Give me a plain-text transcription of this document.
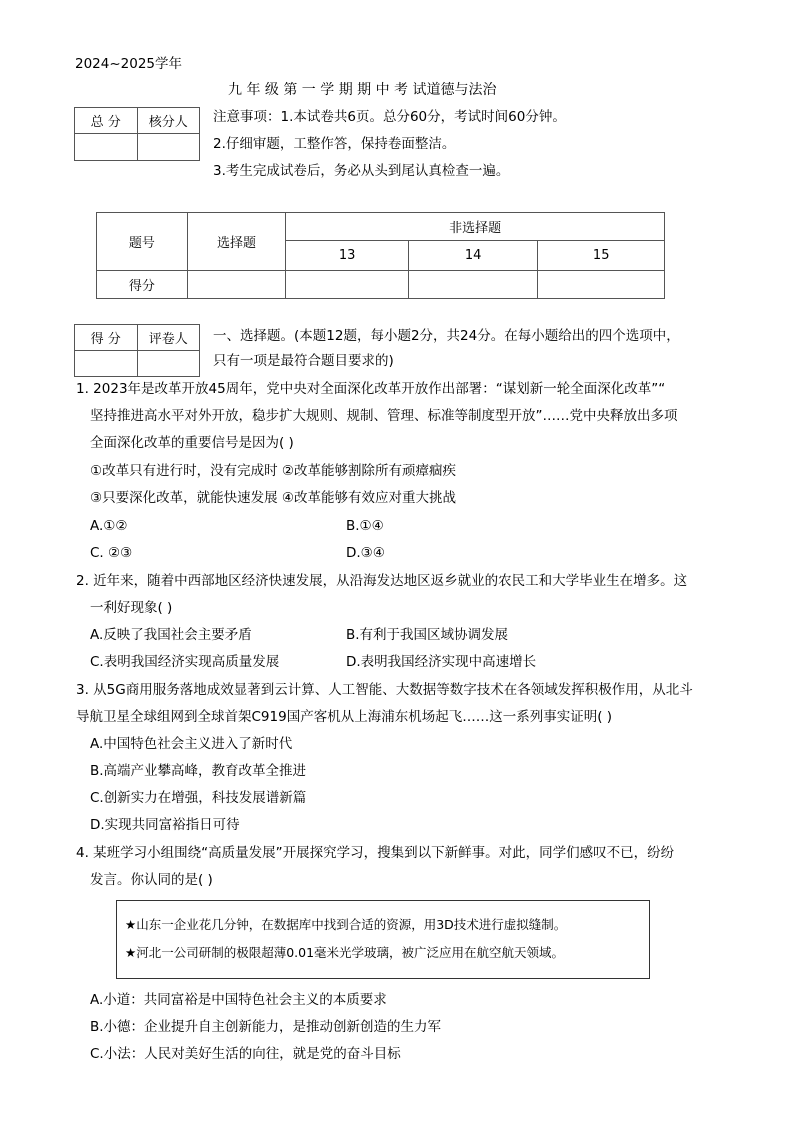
2024~2025学年
九 年 级 第 一 学 期 期 中 考 试道德与法治
总 分	核分人
	注意事项：1.本试卷共6页。总分60分，考试时间60分钟。
2.仔细审题，工整作答，保持卷面整洁。
3.考生完成试卷后，务必从头到尾认真检查一遍。
题号	选择题	非选择题		
		13	14	15
得分				
得 分	评卷人
	一、选择题。(本题12题，每小题2分，共24分。在每小题给出的四个选项中，
只有一项是最符合题目要求的)
1. 2023年是改革开放45周年，党中央对全面深化改革开放作出部署：“谋划新一轮全面深化改革”“
坚持推进高水平对外开放，稳步扩大规则、规制、管理、标准等制度型开放”……党中央释放出多项
全面深化改革的重要信号是因为( )
①改革只有进行时，没有完成时 ②改革能够割除所有顽瘴痼疾
③只要深化改革，就能快速发展 ④改革能够有效应对重大挑战
A.①②	B.①④
C. ②③	D.③④
2. 近年来，随着中西部地区经济快速发展，从沿海发达地区返乡就业的农民工和大学毕业生在增多。这
一利好现象( )
A.反映了我国社会主要矛盾	B.有利于我国区域协调发展
C.表明我国经济实现高质量发展	D.表明我国经济实现中高速增长
3. 从5G商用服务落地成效显著到云计算、人工智能、大数据等数字技术在各领域发挥积极作用，从北斗
导航卫星全球组网到全球首架C919国产客机从上海浦东机场起飞……这一系列事实证明( )
A.中国特色社会主义进入了新时代
B.高端产业攀高峰，教育改革全推进
C.创新实力在增强，科技发展谱新篇
D.实现共同富裕指日可待
4. 某班学习小组围绕“高质量发展”开展探究学习，搜集到以下新鲜事。对此，同学们感叹不已，纷纷
发言。你认同的是( )
★山东一企业花几分钟，在数据库中找到合适的资源，用3D技术进行虚拟缝制。
★河北一公司研制的极限超薄0.01毫米光学玻璃，被广泛应用在航空航天领域。
A.小道：共同富裕是中国特色社会主义的本质要求
B.小德：企业提升自主创新能力，是推动创新创造的生力军
C.小法：人民对美好生活的向往，就是党的奋斗目标
